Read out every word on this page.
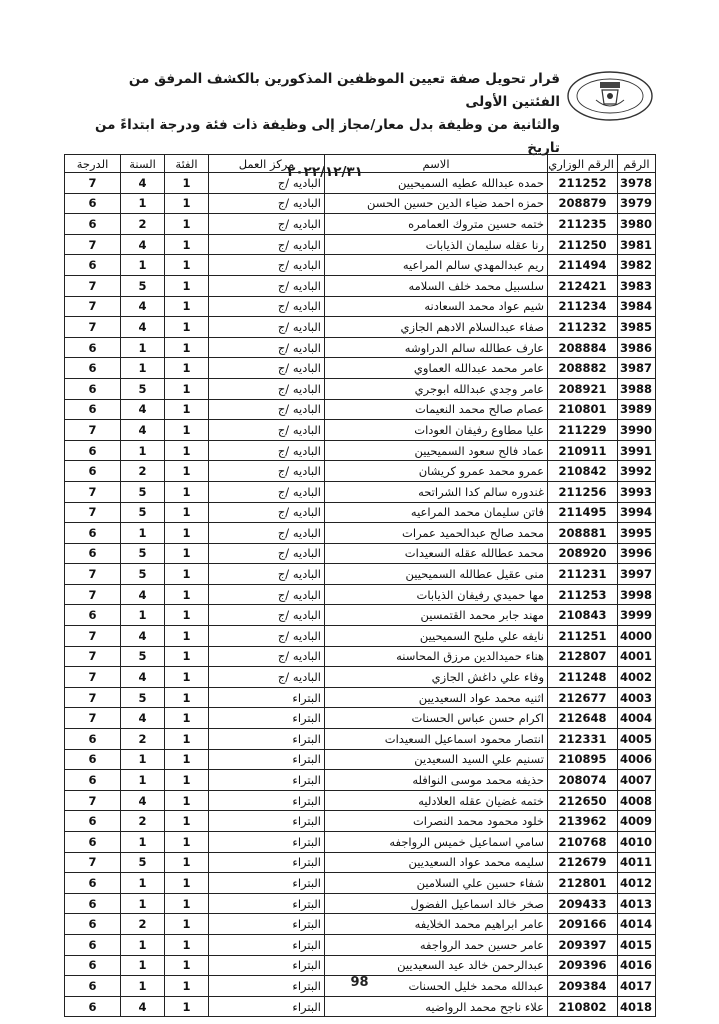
قرار تحويل صفة تعيين الموظفين المذكورين بالكشف المرفق من الفئتين الأولى
والثانية من وظيفة بدل معار/مجاز إلى وظيفة ذات فئة ودرجة ابتداءً من تاريخ
٢٠٢٢/١٢/٣١
الرقم	الرقم الوزاري	الاسم	مركز العمل	الفئة	السنة	الدرجة
3978	211252	حمده عبدالله عطيه السميحيين	الباديه /ج	1	4	7
3979	208879	حمزه احمد ضياء الدين حسين الحسن	الباديه /ج	1	1	6
3980	211235	ختمه حسين متروك العمامره	الباديه /ج	1	2	6
3981	211250	رنا عقله سليمان الذيابات	الباديه /ج	1	4	7
3982	211494	ريم عبدالمهدي سالم المراعيه	الباديه /ج	1	1	6
3983	212421	سلسبيل محمد خلف السلامه	الباديه /ج	1	5	7
3984	211234	شيم عواد محمد السعادنه	الباديه /ج	1	4	7
3985	211232	صفاء عبدالسلام الادهم الجازي	الباديه /ج	1	4	7
3986	208884	عارف عطالله سالم الدراوشه	الباديه /ج	1	1	6
3987	208882	عامر محمد عبدالله العماوي	الباديه /ج	1	1	6
3988	208921	عامر وجدي عبدالله ابوجري	الباديه /ج	1	5	6
3989	210801	عصام صالح محمد النعيمات	الباديه /ج	1	4	6
3990	211229	عليا مطاوع رفيفان العودات	الباديه /ج	1	4	7
3991	210911	عماد فالح سعود السميحيين	الباديه /ج	1	1	6
3992	210842	عمرو محمد عمرو كريشان	الباديه /ج	1	2	6
3993	211256	غندوره سالم كدا الشراتحه	الباديه /ج	1	5	7
3994	211495	فاتن سليمان محمد المراعيه	الباديه /ج	1	5	7
3995	208881	محمد صالح عبدالحميد عمرات	الباديه /ج	1	1	6
3996	208920	محمد عطالله عقله السعيدات	الباديه /ج	1	5	6
3997	211231	منى عقيل عطالله السميحيين	الباديه /ج	1	5	7
3998	211253	مها حميدي رفيفان الذيابات	الباديه /ج	1	4	7
3999	210843	مهند جابر محمد القتمسين	الباديه /ج	1	1	6
4000	211251	نايفه علي مليح السميحيين	الباديه /ج	1	4	7
4001	212807	هناء حميدالدين مرزق المحاسنه	الباديه /ج	1	5	7
4002	211248	وفاء علي داغش الجازي	الباديه /ج	1	4	7
4003	212677	اثنيه محمد عواد السعيديين	البتراء	1	5	7
4004	212648	اكرام حسن عباس الحسنات	البتراء	1	4	7
4005	212331	انتصار محمود اسماعيل السعيدات	البتراء	1	2	6
4006	210895	تسنيم علي السيد السعيدين	البتراء	1	1	6
4007	208074	حذيفه محمد موسى النوافله	البتراء	1	1	6
4008	212650	ختمه غضيان عقله العلادليه	البتراء	1	4	7
4009	213962	خلود محمود محمد النصرات	البتراء	1	2	6
4010	210768	سامي اسماعيل خميس الرواجفه	البتراء	1	1	6
4011	212679	سليمه محمد عواد السعيديين	البتراء	1	5	7
4012	212801	شفاء حسين علي السلامين	البتراء	1	1	6
4013	209433	صخر خالد اسماعيل الفضول	البتراء	1	1	6
4014	209166	عامر ابراهيم محمد الخلايفه	البتراء	1	2	6
4015	209397	عامر حسين حمد الرواجفه	البتراء	1	1	6
4016	209396	عبدالرحمن خالد عيد السعيديين	البتراء	1	1	6
4017	209384	عبدالله محمد خليل الحسنات	البتراء	1	1	6
4018	210802	علاء ناجح محمد الرواضيه	البتراء	1	4	6
98
